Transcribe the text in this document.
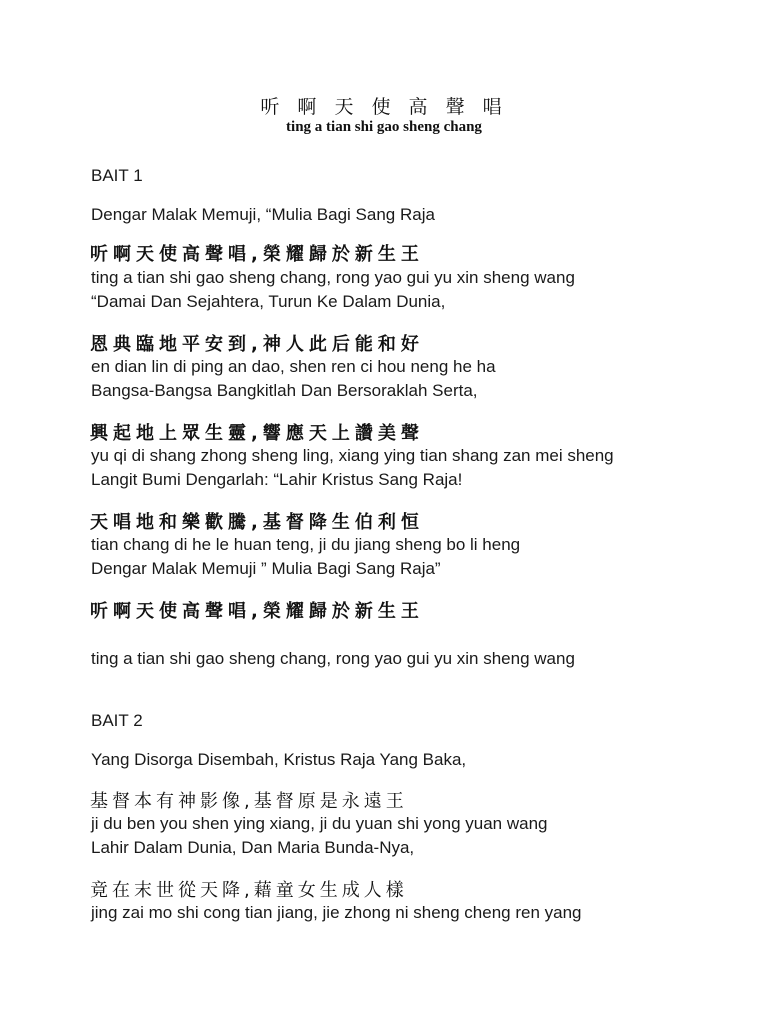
听 啊 天 使 高 聲 唱
ting a tian shi gao sheng chang
BAIT 1
Dengar Malak Memuji, “Mulia Bagi Sang Raja
听啊天使高聲唱,榮耀歸於新生王
ting a tian shi gao sheng chang, rong yao gui yu xin sheng wang
“Damai Dan Sejahtera, Turun Ke Dalam Dunia,
恩典臨地平安到,神人此后能和好
en dian lin di ping an dao, shen ren ci hou neng he ha
Bangsa-Bangsa Bangkitlah Dan Bersoraklah Serta,
興起地上眾生靈,響應天上讚美聲
yu qi di shang zhong sheng ling, xiang ying tian shang zan mei sheng
Langit Bumi Dengarlah: “Lahir Kristus Sang Raja!
天唱地和樂歡騰,基督降生伯利恒
tian chang di he le huan teng, ji du jiang sheng bo li heng
Dengar Malak Memuji ” Mulia Bagi Sang Raja”
听啊天使高聲唱,榮耀歸於新生王
ting a tian shi gao sheng chang, rong yao gui yu xin sheng wang
BAIT 2
Yang Disorga Disembah, Kristus Raja Yang Baka,
基督本有神影像,基督原是永遠王
ji du ben you shen ying xiang, ji du yuan shi yong yuan wang
Lahir Dalam Dunia, Dan Maria Bunda-Nya,
竟在末世從天降,藉童女生成人樣
jing zai mo shi cong tian jiang, jie zhong ni sheng cheng ren yang
